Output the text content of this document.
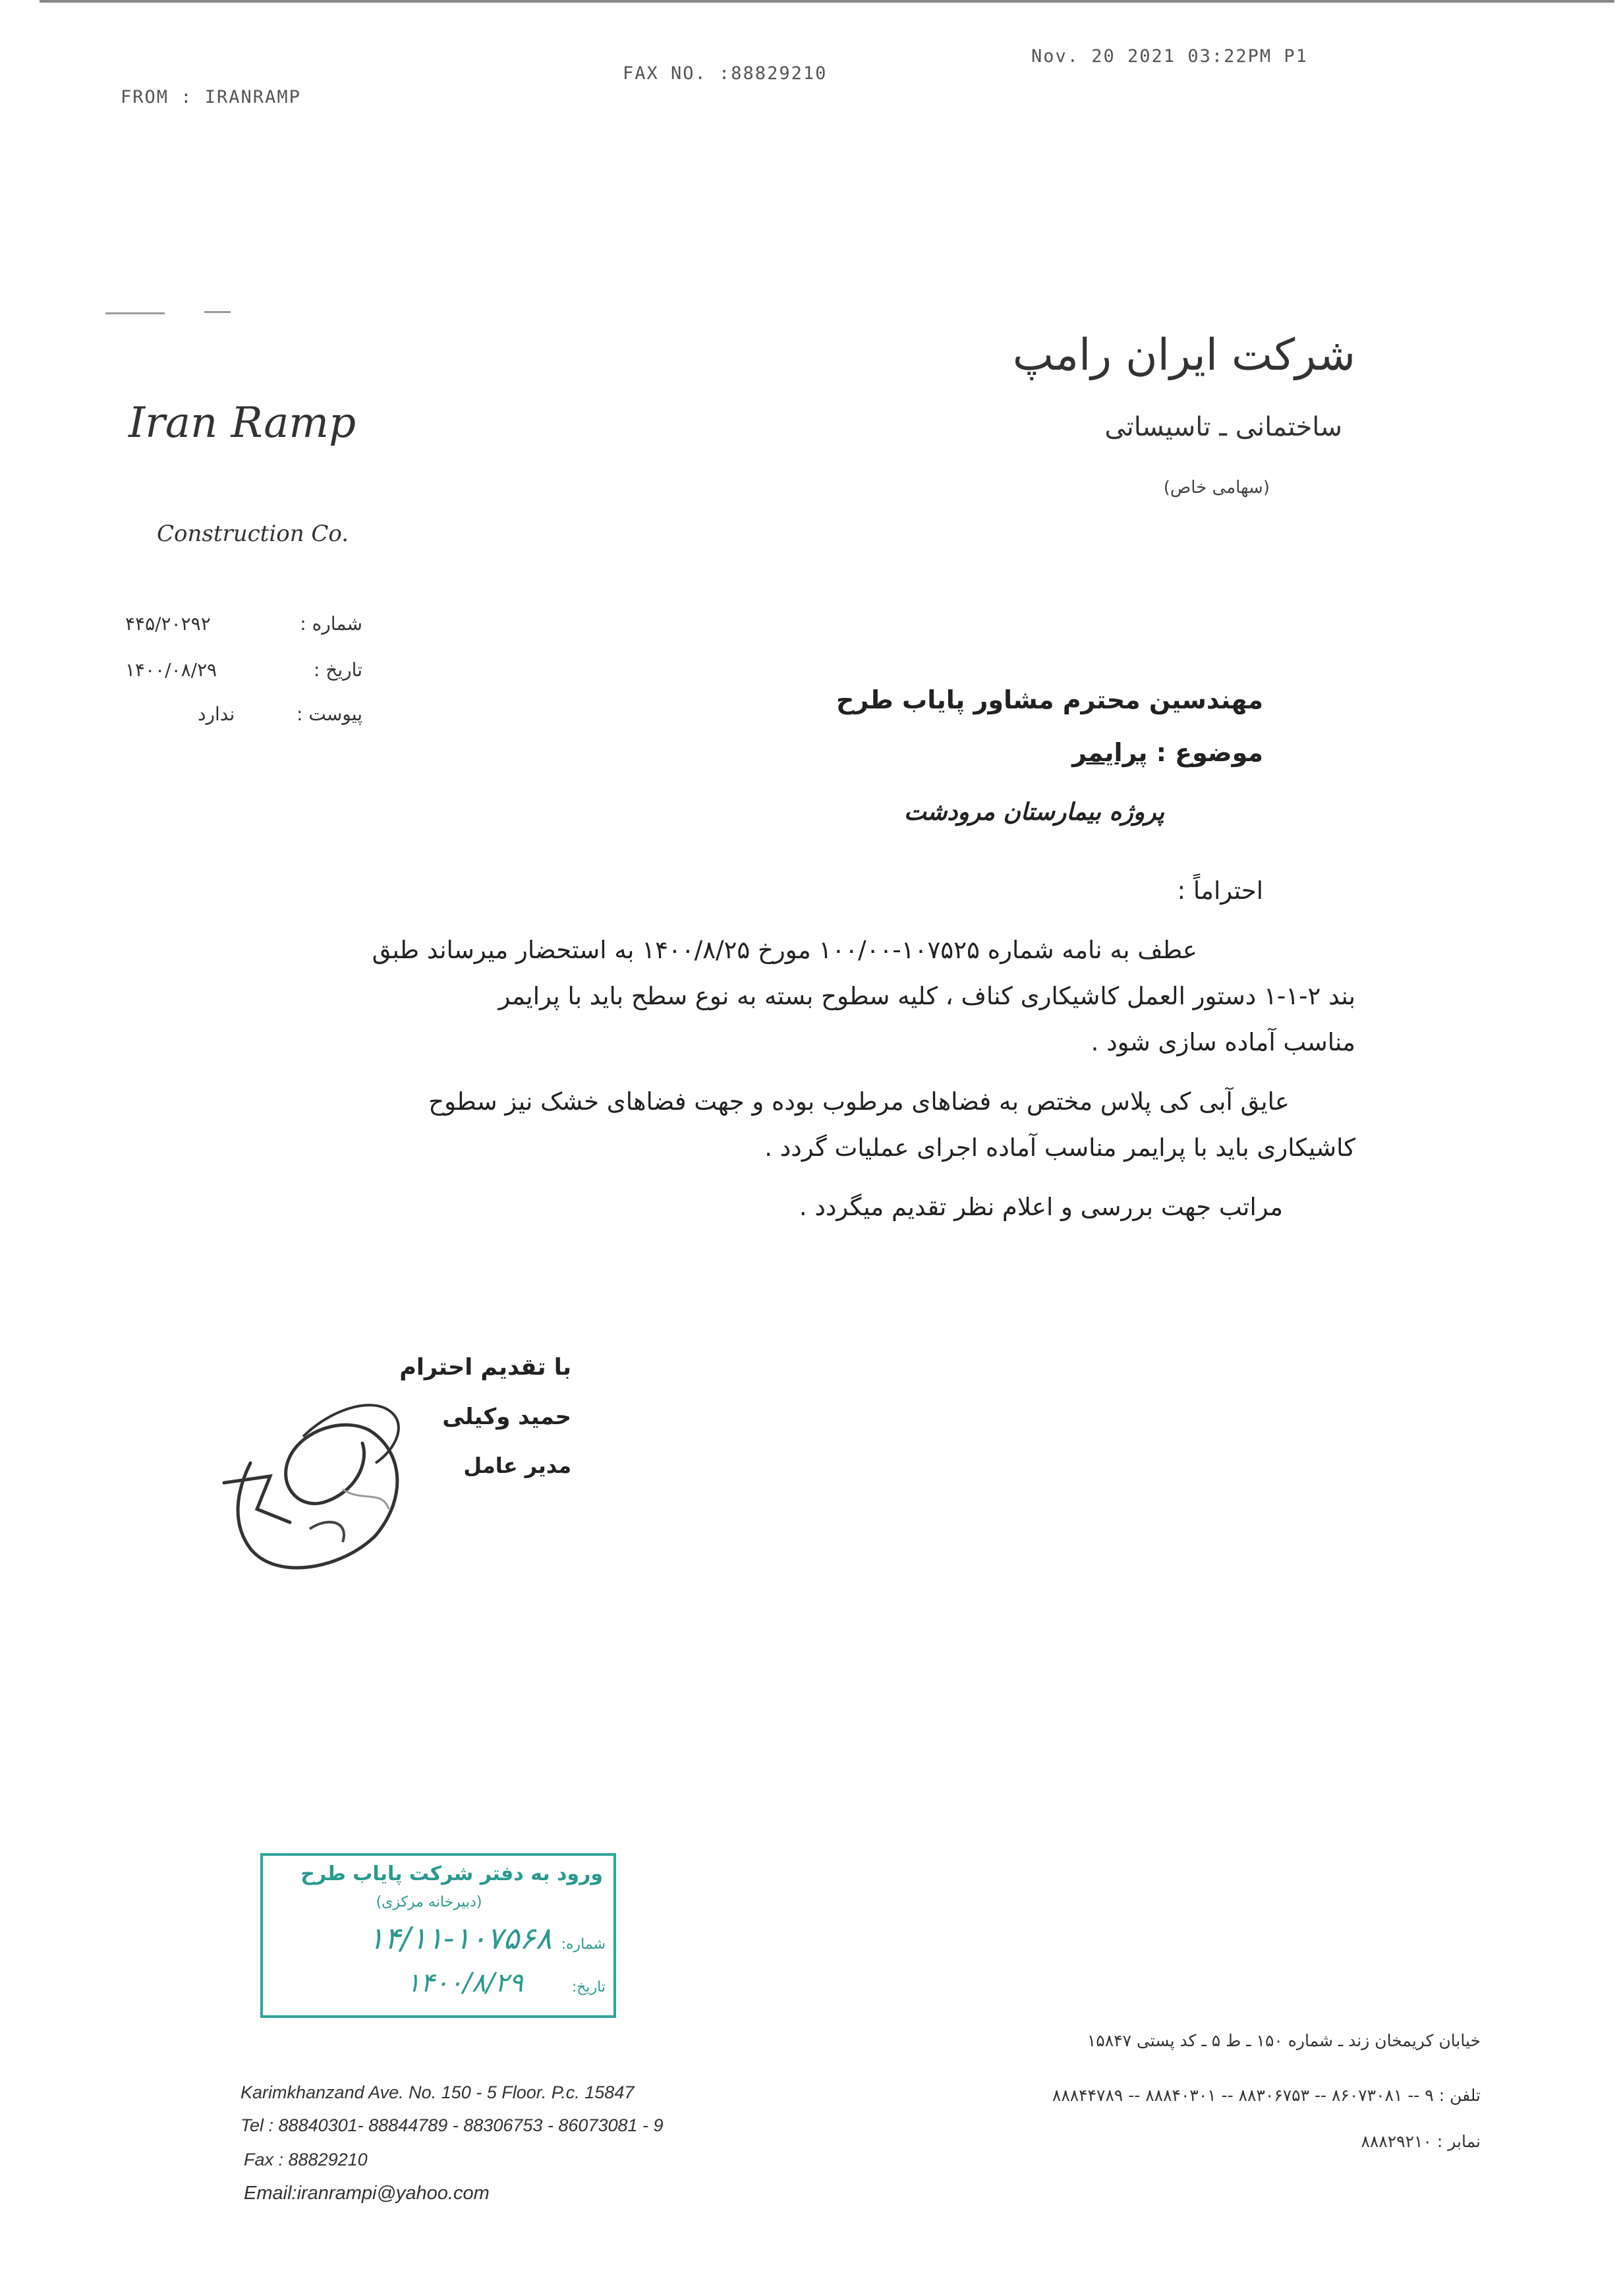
FROM : IRANRAMP
FAX NO. :88829210
Nov. 20 2021 03:22PM P1
شرکت ایران رامپ
ساختمانی ـ تاسیساتی
(سهامی خاص)
Iran Ramp
Construction Co.
شماره :
۴۴۵/۲۰۲۹۲
تاریخ :
۱۴۰۰/۰۸/۲۹
پیوست :
ندارد	مهندسین محترم مشاور پایاب طرح
موضوع : پرایمر
پروژه بیمارستان مرودشت
احتراماً :
عطف به نامه شماره ۱۰۷۵۲۵-۱۰۰/۰۰ مورخ ۱۴۰۰/۸/۲۵ به استحضار میرساند طبق
بند ۲-۱-۱ دستور العمل کاشیکاری کناف ، کلیه سطوح بسته به نوع سطح باید با پرایمر
مناسب آماده سازی شود .
عایق آبی کی پلاس مختص به فضاهای مرطوب بوده و جهت فضاهای خشک نیز سطوح
کاشیکاری باید با پرایمر مناسب آماده اجرای عملیات گردد .
مراتب جهت بررسی و اعلام نظر تقدیم میگردد .
با تقدیم احترام
حمید وکیلی
مدیر عامل
ورود به دفتر شرکت پایاب طرح
(دبیرخانه مرکزی)
شماره:
۱۴/۱۱-۱۰۷۵۶۸
تاریخ:
۱۴۰۰/۸/۲۹
Karimkhanzand Ave. No. 150 - 5 Floor. P.c. 15847
Tel : 88840301- 88844789 - 88306753 - 86073081 - 9
Fax : 88829210
Email:iranrampi@yahoo.com
خیابان کریمخان زند ـ شماره ۱۵۰ ـ ط ۵ ـ کد پستی ۱۵۸۴۷
تلفن : ۹ -- ۸۶۰۷۳۰۸۱ -- ۸۸۳۰۶۷۵۳ -- ۸۸۸۴۰۳۰۱ -- ۸۸۸۴۴۷۸۹
نمابر : ۸۸۸۲۹۲۱۰
